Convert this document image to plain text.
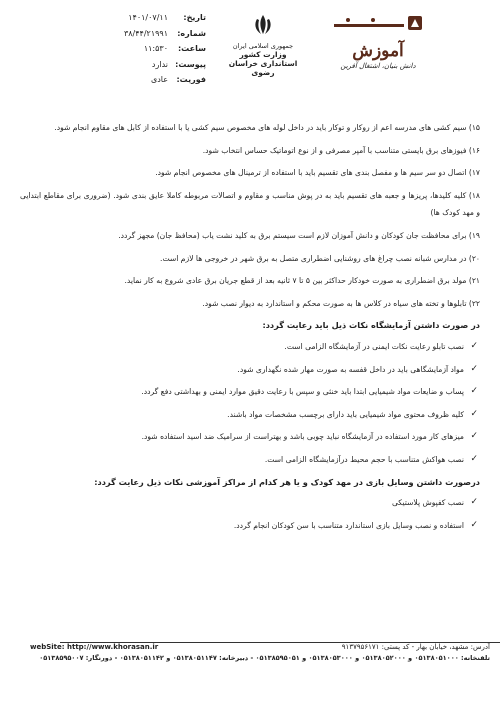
تاریخ:
۱۴۰۱/۰۷/۱۱
شماره:
۳۸/۴۴/۲۱۹۹۱
ساعت:
۱۱:۵۳۰
پیوست:
ندارد
فوریت:
عادی
جمهوری اسلامی ایران
وزارت کشور
استانداری خراسان رضوی
آموزش
دانش بنیان، اشتغال آفرین

۱۵) سیم کشی های مدرسه اعم از روکار و توکار باید در داخل لوله های مخصوص سیم کشی یا با استفاده از کابل های مقاوم انجام شود.

۱۶) فیوزهای برق بایستی متناسب با آمپر مصرفی و از نوع اتوماتیک حساس انتخاب شود.

۱۷) اتصال دو سر سیم ها و مفصل بندی های تقسیم باید با استفاده از ترمینال های مخصوص انجام شود.

۱۸) کلیه کلیدها، پریزها و جعبه های تقسیم باید به در پوش مناسب و مقاوم و اتصالات مربوطه کاملا عایق بندی شود. (ضروری برای مقاطع ابتدایی و مهد کودک ها)

۱۹) برای محافظت جان کودکان و دانش آموزان لازم است سیستم برق به کلید نشت یاب (محافظ جان) مجهز گردد.

۲۰) در مدارس شبانه نصب چراغ های روشنایی اضطراری متصل به برق شهر در خروجی ها لازم است.

۲۱) مولد برق اضطراری به صورت خودکار حداکثر بین ۵ تا ۷ ثانیه بعد از قطع جریان برق عادی شروع به کار نماید.

۲۲) تابلوها و تخته های سیاه در کلاس ها به صورت محکم و استاندارد به دیوار نصب شود.

در صورت داشتن آزمایشگاه نکات ذیل باید رعایت گردد:

✓
نصب تابلو رعایت نکات ایمنی در آزمایشگاه الزامی است.

✓
مواد آزمایشگاهی باید در داخل قفسه به صورت مهار شده نگهداری شود.

✓
پساب و ضایعات مواد شیمیایی ابتدا باید خنثی و سپس با رعایت دقیق موارد ایمنی و بهداشتی دفع گردد.

✓
کلیه ظروف محتوی مواد شیمیایی باید دارای برچسب مشخصات مواد باشند.

✓
میزهای کار مورد استفاده در آزمایشگاه نباید چوبی باشد و بهتراست از سرامیک ضد اسید استفاده شود.

✓
نصب هواکش متناسب با حجم محیط درآزمایشگاه الزامی است.

درصورت داشتن وسایل بازی در مهد کودک و یا هر کدام از مراکز آموزشی نکات ذیل رعایت گردد:

✓
نصب کفپوش پلاستیکی

✓
استفاده و نصب وسایل بازی استاندارد متناسب با سن کودکان انجام گردد.

webSite: http://www.khorasan.ir	آدرس: مشهد، خیابان بهار - کد پستی: ۹۱۳۷۹۵۶۱۷۱
تلفنخانه: ۰۵۱۳۸۰۵۱۰۰۰ و ۰۵۱۳۸۰۵۲۰۰۰ و ۰۵۱۳۸۰۵۳۰۰۰ و ۰۵۱۳۸۵۹۵۰۵۱ - دبیرخانه: ۰۵۱۳۸۰۵۱۱۴۷ و ۰۵۱۳۸۰۵۱۱۴۲ - دورنگار: ۰۵۱۳۸۵۹۵۰۰۷
